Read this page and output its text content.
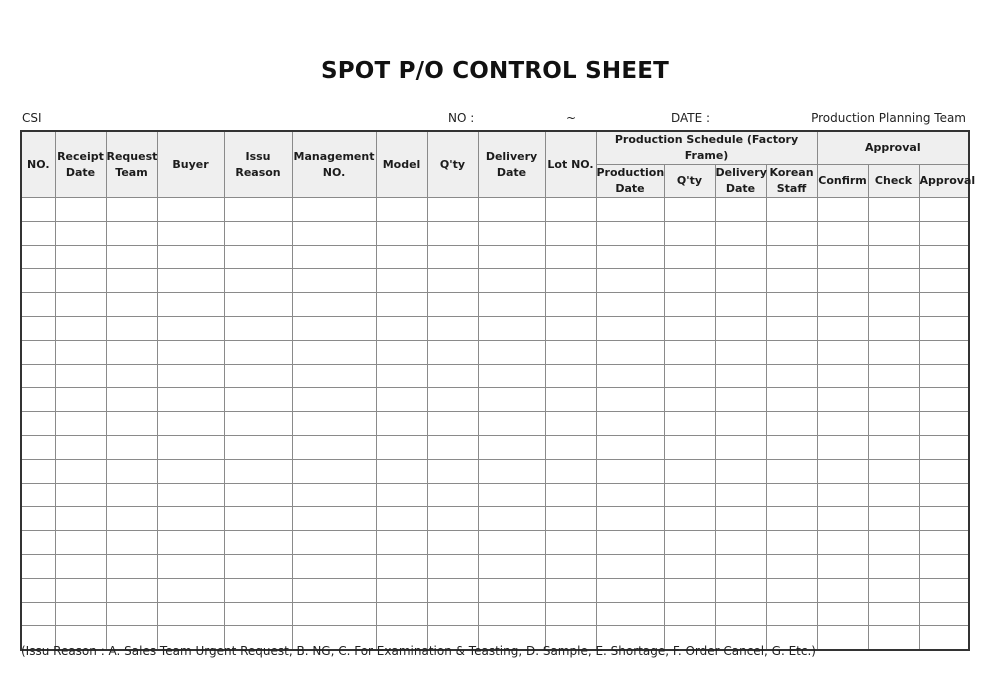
SPOT P/O CONTROL SHEET
CSI	NO :	~	DATE :	Production Planning Team
NO.	Receipt Date	Request Team	Buyer	Issu Reason	Management NO.	Model	Q'ty	Delivery Date	Lot NO.	Production Schedule (Factory Frame)				Approval		
										Production Date	Q'ty	Delivery Date	Korean Staff	Confirm	Check	Approval

(Issu Reason : A. Sales Team Urgent Request, B. NG, C. For Examination & Teasting, D. Sample, E. Shortage, F. Order Cancel, G. Etc.)
